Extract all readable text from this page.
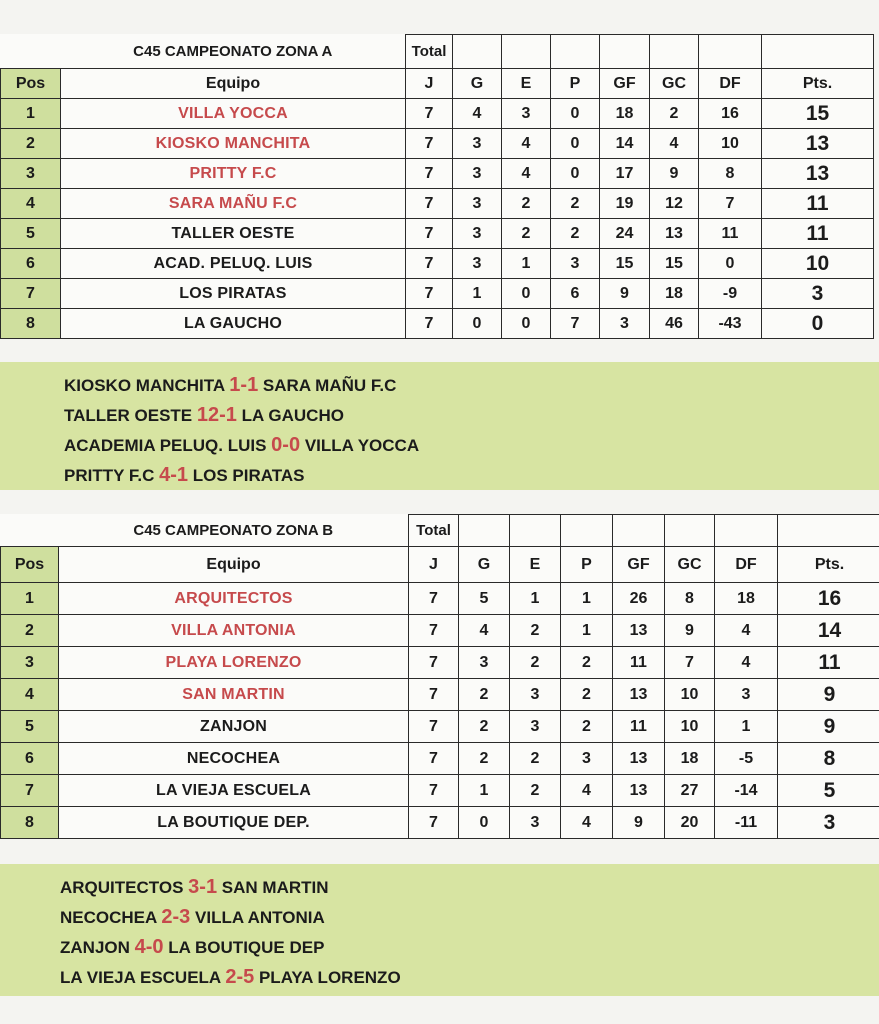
	C45 CAMPEONATO ZONA A	Total							
Pos	Equipo	J	G	E	P	GF	GC	DF	Pts.
1	VILLA YOCCA	7	4	3	0	18	2	16	15
2	KIOSKO MANCHITA	7	3	4	0	14	4	10	13
3	PRITTY F.C	7	3	4	0	17	9	8	13
4	SARA MAÑU F.C	7	3	2	2	19	12	7	11
5	TALLER OESTE	7	3	2	2	24	13	11	11
6	ACAD. PELUQ. LUIS	7	3	1	3	15	15	0	10
7	LOS PIRATAS	7	1	0	6	9	18	-9	3
8	LA GAUCHO	7	0	0	7	3	46	-43	0
KIOSKO MANCHITA 1-1 SARA MAÑU F.C
TALLER OESTE 12-1 LA GAUCHO
ACADEMIA PELUQ. LUIS 0-0 VILLA YOCCA
PRITTY F.C 4-1 LOS PIRATAS
	C45 CAMPEONATO ZONA B	Total							
Pos	Equipo	J	G	E	P	GF	GC	DF	Pts.
1	ARQUITECTOS	7	5	1	1	26	8	18	16
2	VILLA ANTONIA	7	4	2	1	13	9	4	14
3	PLAYA LORENZO	7	3	2	2	11	7	4	11
4	SAN MARTIN	7	2	3	2	13	10	3	9
5	ZANJON	7	2	3	2	11	10	1	9
6	NECOCHEA	7	2	2	3	13	18	-5	8
7	LA VIEJA ESCUELA	7	1	2	4	13	27	-14	5
8	LA BOUTIQUE DEP.	7	0	3	4	9	20	-11	3
ARQUITECTOS 3-1 SAN MARTIN
NECOCHEA 2-3 VILLA ANTONIA
ZANJON 4-0 LA BOUTIQUE DEP
LA VIEJA ESCUELA 2-5 PLAYA LORENZO
